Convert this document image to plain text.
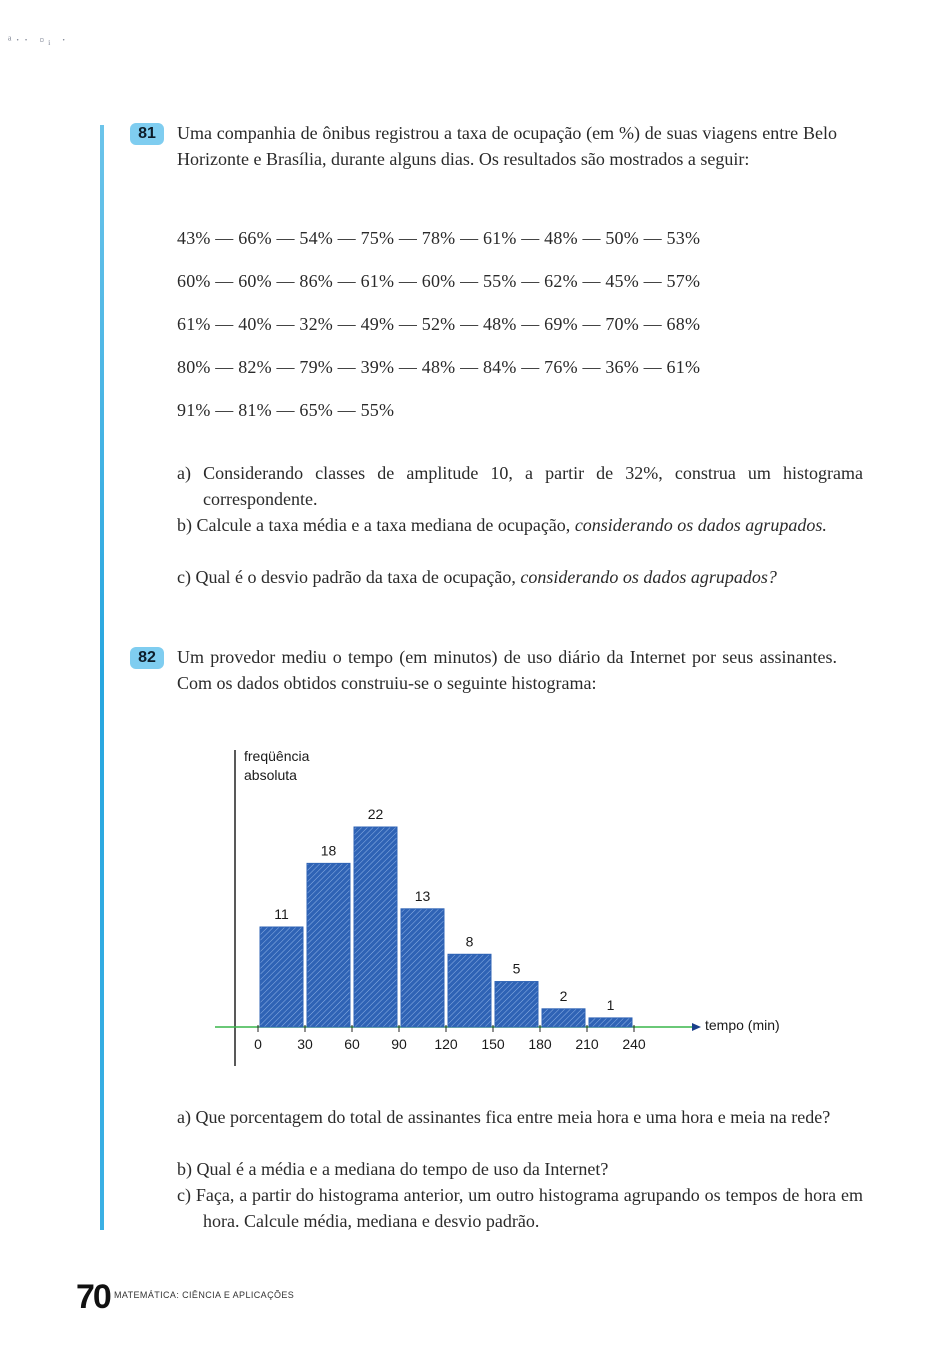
ᵃ·· ▫ᵢ ·
81	Uma companhia de ônibus registrou a taxa de ocupação (em %) de suas viagens entre Belo Horizonte e Brasília, durante alguns dias. Os resultados são mostrados a seguir:

43% — 66% — 54% — 75% — 78% — 61% — 48% — 50% — 53%
60% — 60% — 86% — 61% — 60% — 55% — 62% — 45% — 57%
61% — 40% — 32% — 49% — 52% — 48% — 69% — 70% — 68%
80% — 82% — 79% — 39% — 48% — 84% — 76% — 36% — 61%
91% — 81% — 65% — 55%

a) Considerando classes de amplitude 10, a partir de 32%, construa um histograma correspondente.

b) Calcule a taxa média e a taxa mediana de ocupação, considerando os dados agrupados.

c) Qual é o desvio padrão da taxa de ocupação, considerando os dados agrupados?

82	Um provedor mediu o tempo (em minutos) de uso diário da Internet por seus assinantes. Com os dados obtidos construiu-se o seguinte histograma:

freqüência
absoluta
tempo (min)
11
18
22
13
8
5
2
1
0	30 60 90 120 150 180 210 240

a) Que porcentagem do total de assinantes fica entre meia hora e uma hora e meia na rede?

b) Qual é a média e a mediana do tempo de uso da Internet?

c) Faça, a partir do histograma anterior, um outro histograma agrupando os tempos de hora em hora. Calcule média, mediana e desvio padrão.

70 MATEMÁTICA: CIÊNCIA E APLICAÇÕES
